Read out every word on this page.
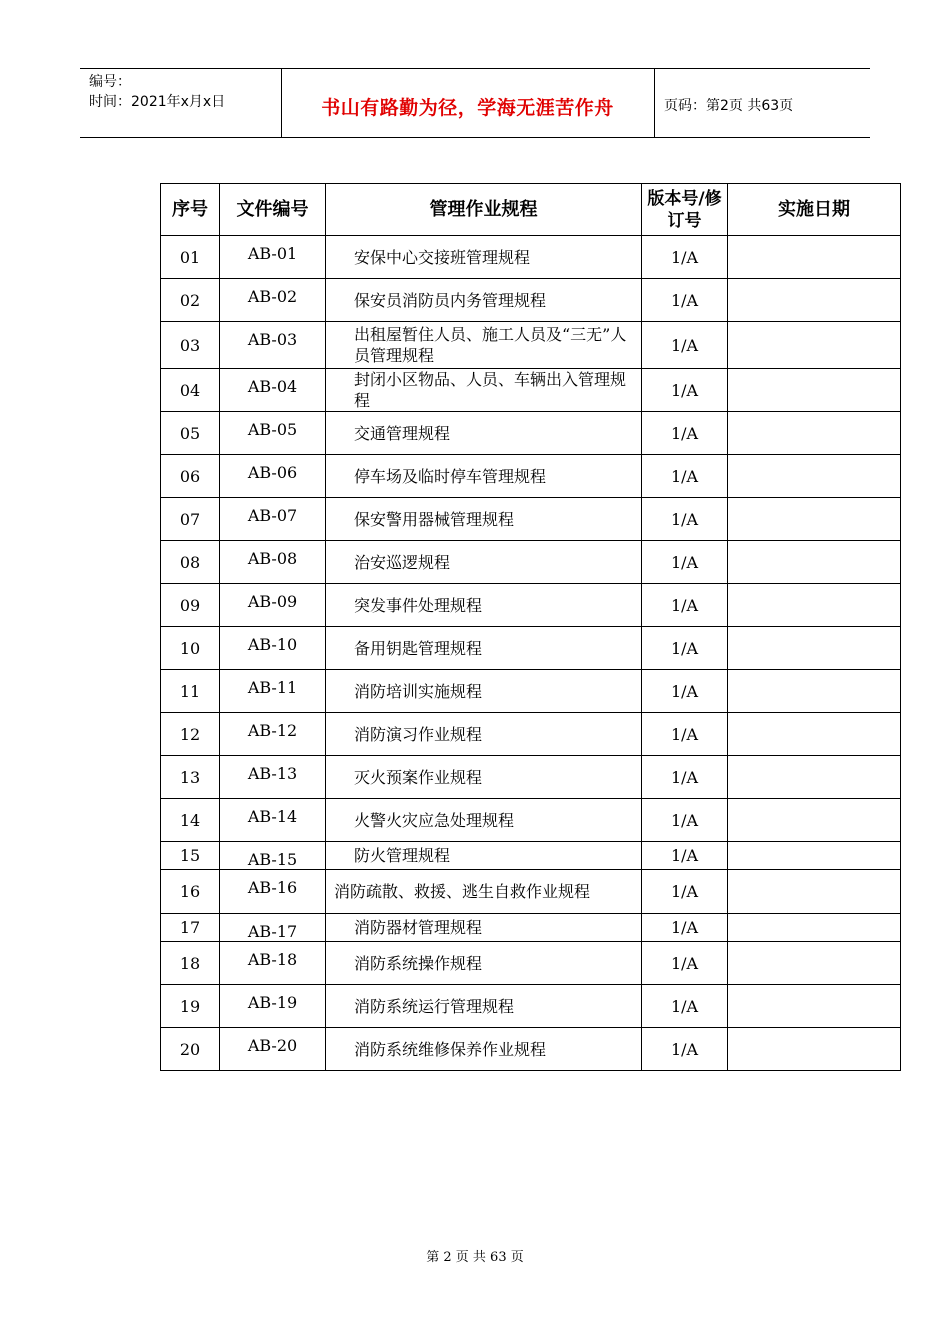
编号：
时间：2021年x月x日	书山有路勤为径，学海无涯苦作舟	页码：第2页 共63页
序号	文件编号	管理作业规程	版本号/修订号	实施日期
01	AB-01	安保中心交接班管理规程	1/A	
02	AB-02	保安员消防员内务管理规程	1/A	
03	AB-03	出租屋暂住人员、施工人员及“三无”人员管理规程	1/A	
04	AB-04	封闭小区物品、人员、车辆出入管理规程	1/A	
05	AB-05	交通管理规程	1/A	
06	AB-06	停车场及临时停车管理规程	1/A	
07	AB-07	保安警用器械管理规程	1/A	
08	AB-08	治安巡逻规程	1/A	
09	AB-09	突发事件处理规程	1/A	
10	AB-10	备用钥匙管理规程	1/A	
11	AB-11	消防培训实施规程	1/A	
12	AB-12	消防演习作业规程	1/A	
13	AB-13	灭火预案作业规程	1/A	
14	AB-14	火警火灾应急处理规程	1/A	
15	AB-15	防火管理规程	1/A	
16	AB-16	消防疏散、救援、逃生自救作业规程	1/A	
17	AB-17	消防器材管理规程	1/A	
18	AB-18	消防系统操作规程	1/A	
19	AB-19	消防系统运行管理规程	1/A	
20	AB-20	消防系统维修保养作业规程	1/A	
第 2 页 共 63 页
